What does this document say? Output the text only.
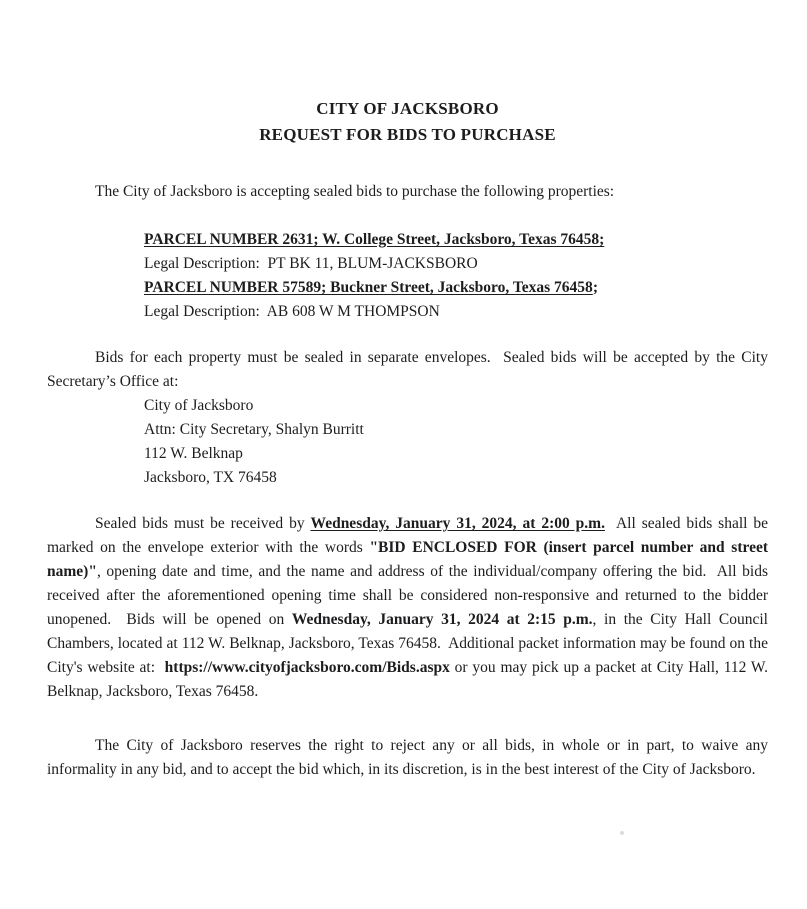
CITY OF JACKSBORO
REQUEST FOR BIDS TO PURCHASE

The City of Jacksboro is accepting sealed bids to purchase the following properties:

PARCEL NUMBER 2631; W. College Street, Jacksboro, Texas 76458;
Legal Description:  PT BK 11, BLUM-JACKSBORO
PARCEL NUMBER 57589; Buckner Street, Jacksboro, Texas 76458;
Legal Description:  AB 608 W M THOMPSON

Bids for each property must be sealed in separate envelopes.  Sealed bids will be accepted by the City Secretary’s Office at:

City of Jacksboro
Attn: City Secretary, Shalyn Burritt
112 W. Belknap
Jacksboro, TX 76458

Sealed bids must be received by Wednesday, January 31, 2024, at 2:00 p.m.  All sealed bids shall be marked on the envelope exterior with the words "BID ENCLOSED FOR (insert parcel number and street name)", opening date and time, and the name and address of the individual/company offering the bid.  All bids received after the aforementioned opening time shall be considered non-responsive and returned to the bidder unopened.  Bids will be opened on Wednesday, January 31, 2024 at 2:15 p.m., in the City Hall Council Chambers, located at 112 W. Belknap, Jacksboro, Texas 76458.  Additional packet information may be found on the City's website at:  https://www.cityofjacksboro.com/Bids.aspx or you may pick up a packet at City Hall, 112 W. Belknap, Jacksboro, Texas 76458.

The City of Jacksboro reserves the right to reject any or all bids, in whole or in part, to waive any informality in any bid, and to accept the bid which, in its discretion, is in the best interest of the City of Jacksboro.
